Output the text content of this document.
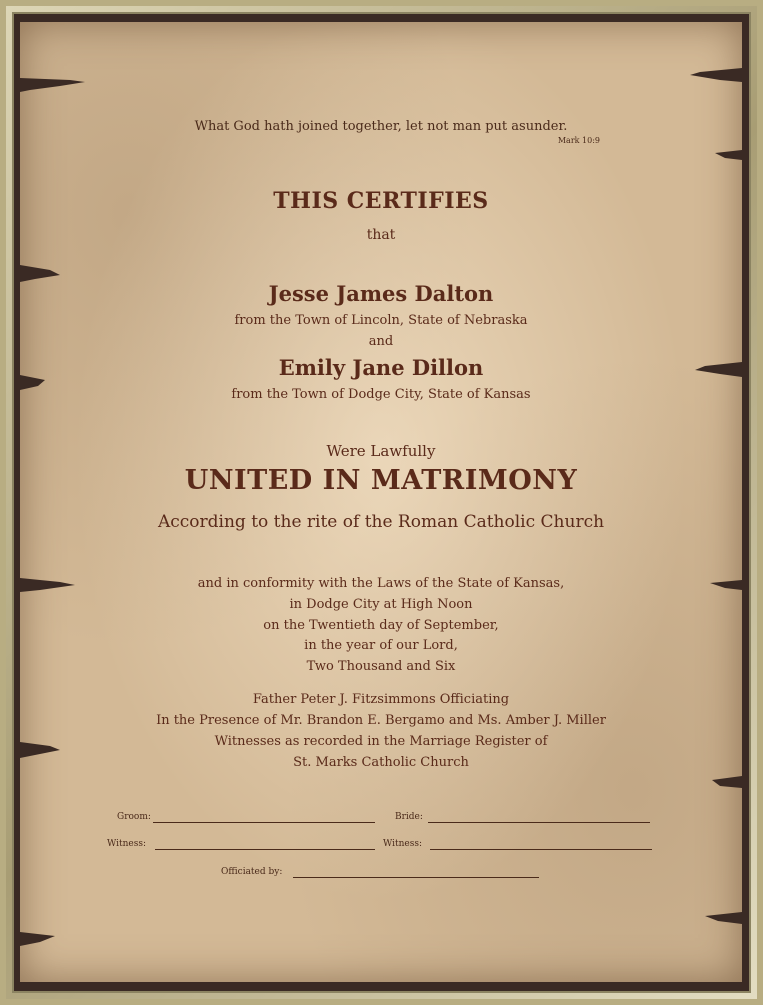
What God hath joined together, let not man put asunder.
Mark 10:9
THIS CERTIFIES
that
Jesse James Dalton
from the Town of Lincoln, State of Nebraska
and
Emily Jane Dillon
from the Town of Dodge City, State of Kansas
Were Lawfully
UNITED IN MATRIMONY
According to the rite of the Roman Catholic Church
and in conformity with the Laws of the State of Kansas,
in Dodge City at High Noon
on the Twentieth day of September,
in the year of our Lord,
Two Thousand and Six
Father Peter J. Fitzsimmons Officiating
In the Presence of Mr. Brandon E. Bergamo and Ms. Amber J. Miller
Witnesses as recorded in the Marriage Register of
St. Marks Catholic Church
Groom:	Bride:
Witness:	Witness:
Officiated by:
